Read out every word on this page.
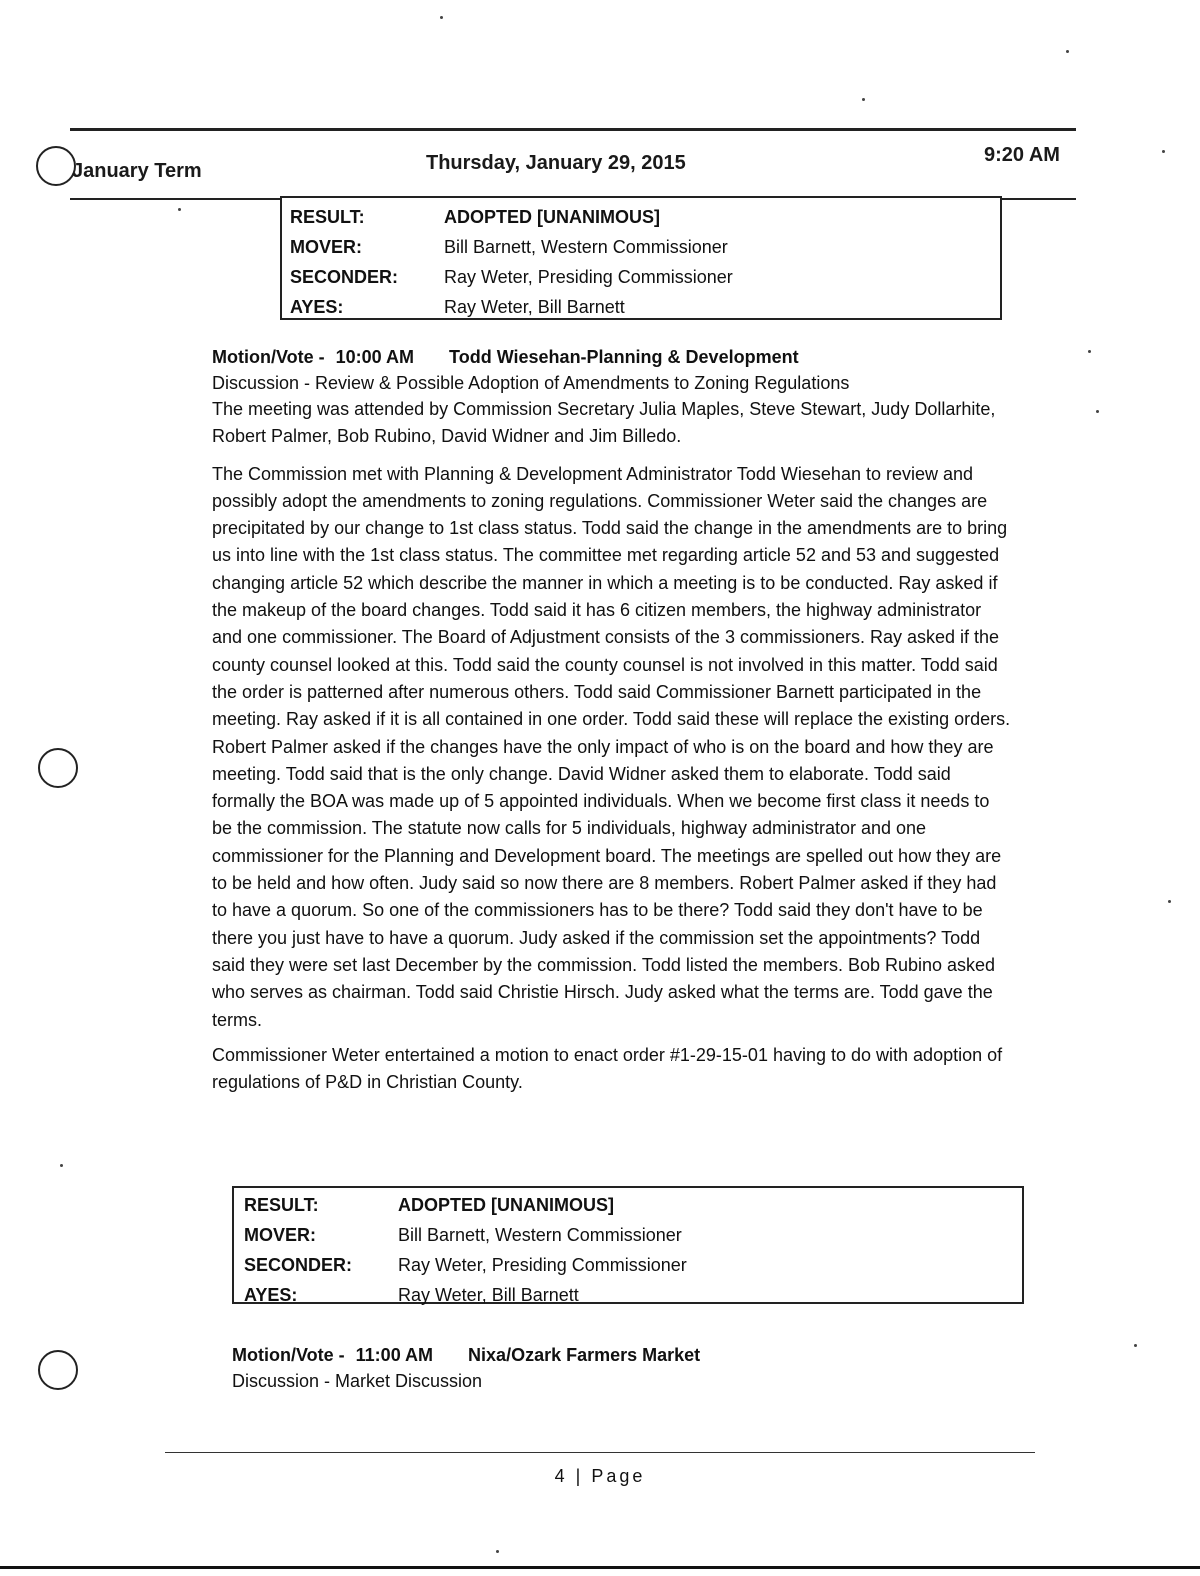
January Term	Thursday, January 29, 2015	9:20 AM
RESULT:	ADOPTED [UNANIMOUS]
MOVER:	Bill Barnett, Western Commissioner
SECONDER:	Ray Weter, Presiding Commissioner
AYES:	Ray Weter, Bill Barnett
Motion/Vote - 10:00 AM Todd Wiesehan-Planning & Development
Discussion - Review & Possible Adoption of Amendments to Zoning Regulations

The meeting was attended by Commission Secretary Julia Maples, Steve Stewart, Judy Dollarhite, Robert Palmer, Bob Rubino, David Widner and Jim Billedo.

The Commission met with Planning & Development Administrator Todd Wiesehan to review and possibly adopt the amendments to zoning regulations. Commissioner Weter said the changes are precipitated by our change to 1st class status. Todd said the change in the amendments are to bring us into line with the 1st class status. The committee met regarding article 52 and 53 and suggested changing article 52 which describe the manner in which a meeting is to be conducted. Ray asked if the makeup of the board changes. Todd said it has 6 citizen members, the highway administrator and one commissioner. The Board of Adjustment consists of the 3 commissioners. Ray asked if the county counsel looked at this. Todd said the county counsel is not involved in this matter. Todd said the order is patterned after numerous others. Todd said Commissioner Barnett participated in the meeting. Ray asked if it is all contained in one order. Todd said these will replace the existing orders. Robert Palmer asked if the changes have the only impact of who is on the board and how they are meeting. Todd said that is the only change. David Widner asked them to elaborate. Todd said formally the BOA was made up of 5 appointed individuals. When we become first class it needs to be the commission. The statute now calls for 5 individuals, highway administrator and one commissioner for the Planning and Development board. The meetings are spelled out how they are to be held and how often. Judy said so now there are 8 members. Robert Palmer asked if they had to have a quorum. So one of the commissioners has to be there? Todd said they don't have to be there you just have to have a quorum. Judy asked if the commission set the appointments? Todd said they were set last December by the commission. Todd listed the members. Bob Rubino asked who serves as chairman. Todd said Christie Hirsch. Judy asked what the terms are. Todd gave the terms.

Commissioner Weter entertained a motion to enact order #1-29-15-01 having to do with adoption of regulations of P&D in Christian County.

RESULT:	ADOPTED [UNANIMOUS]
MOVER:	Bill Barnett, Western Commissioner
SECONDER:	Ray Weter, Presiding Commissioner
AYES:	Ray Weter, Bill Barnett
Motion/Vote - 11:00 AM Nixa/Ozark Farmers Market
Discussion - Market Discussion
4 | Page
